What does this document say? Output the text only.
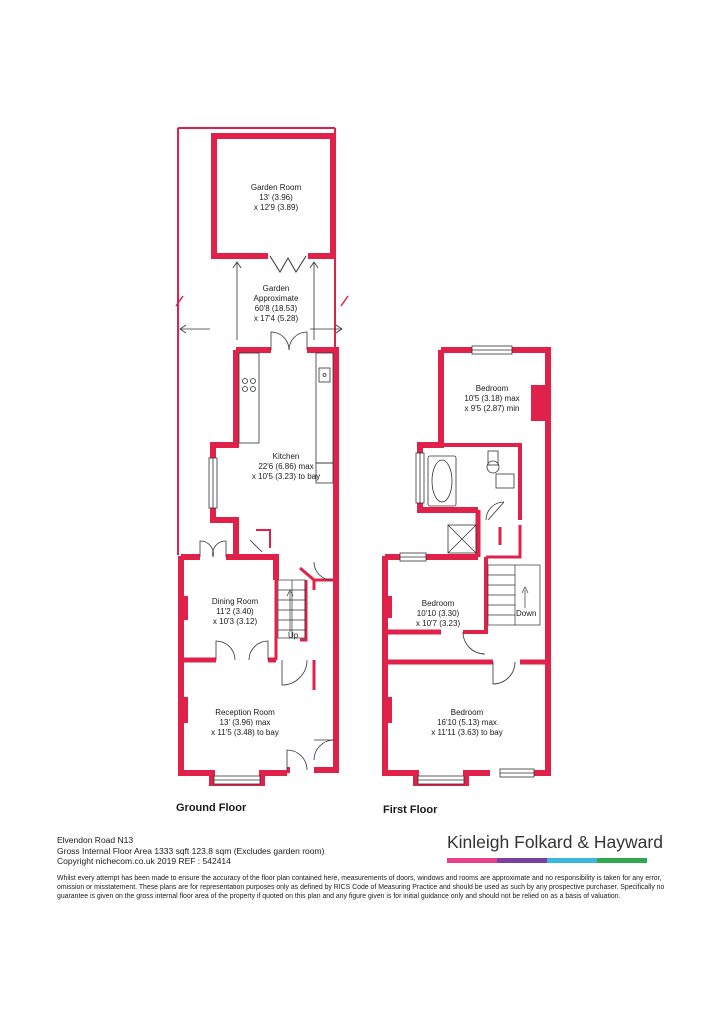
Garden Room
13' (3.96)
x 12'9 (3.89)
Garden
Approximate
60'8 (18.53)
x 17'4 (5.28)
Kitchen
22'6 (6.86) max
x 10'5 (3.23) to bay
Dining Room
11'2 (3.40)
x 10'3 (3.12)
Reception Room
13' (3.96) max
x 11'5 (3.48) to bay
Up
Bedroom
10'5 (3.18) max
x 9'5 (2.87) min
Bedroom
10'10 (3.30)
x 10'7 (3.23)
Down
Bedroom
16'10 (5.13) max
x 11'11 (3.63) to bay
Ground Floor	First Floor
Elvendon Road N13
Gross Internal Floor Area 1333 sqft 123.8 sqm (Excludes garden room)
Copyright nichecom.co.uk 2019 REF : 542414
Kinleigh Folkard & Hayward
Whilst every attempt has been made to ensure the accuracy of the floor plan contained here, measurements of doors, windows and rooms are approximate and no responsibility is taken for any error, omission or misstatement. These plans are for representation purposes only as defined by RICS Code of Measuring Practice and should be used as such by any prospective purchaser. Specifically no guarantee is given on the gross internal floor area of the property if quoted on this plan and any figure given is for initial guidance only and should not be relied on as a basis of valuation.
